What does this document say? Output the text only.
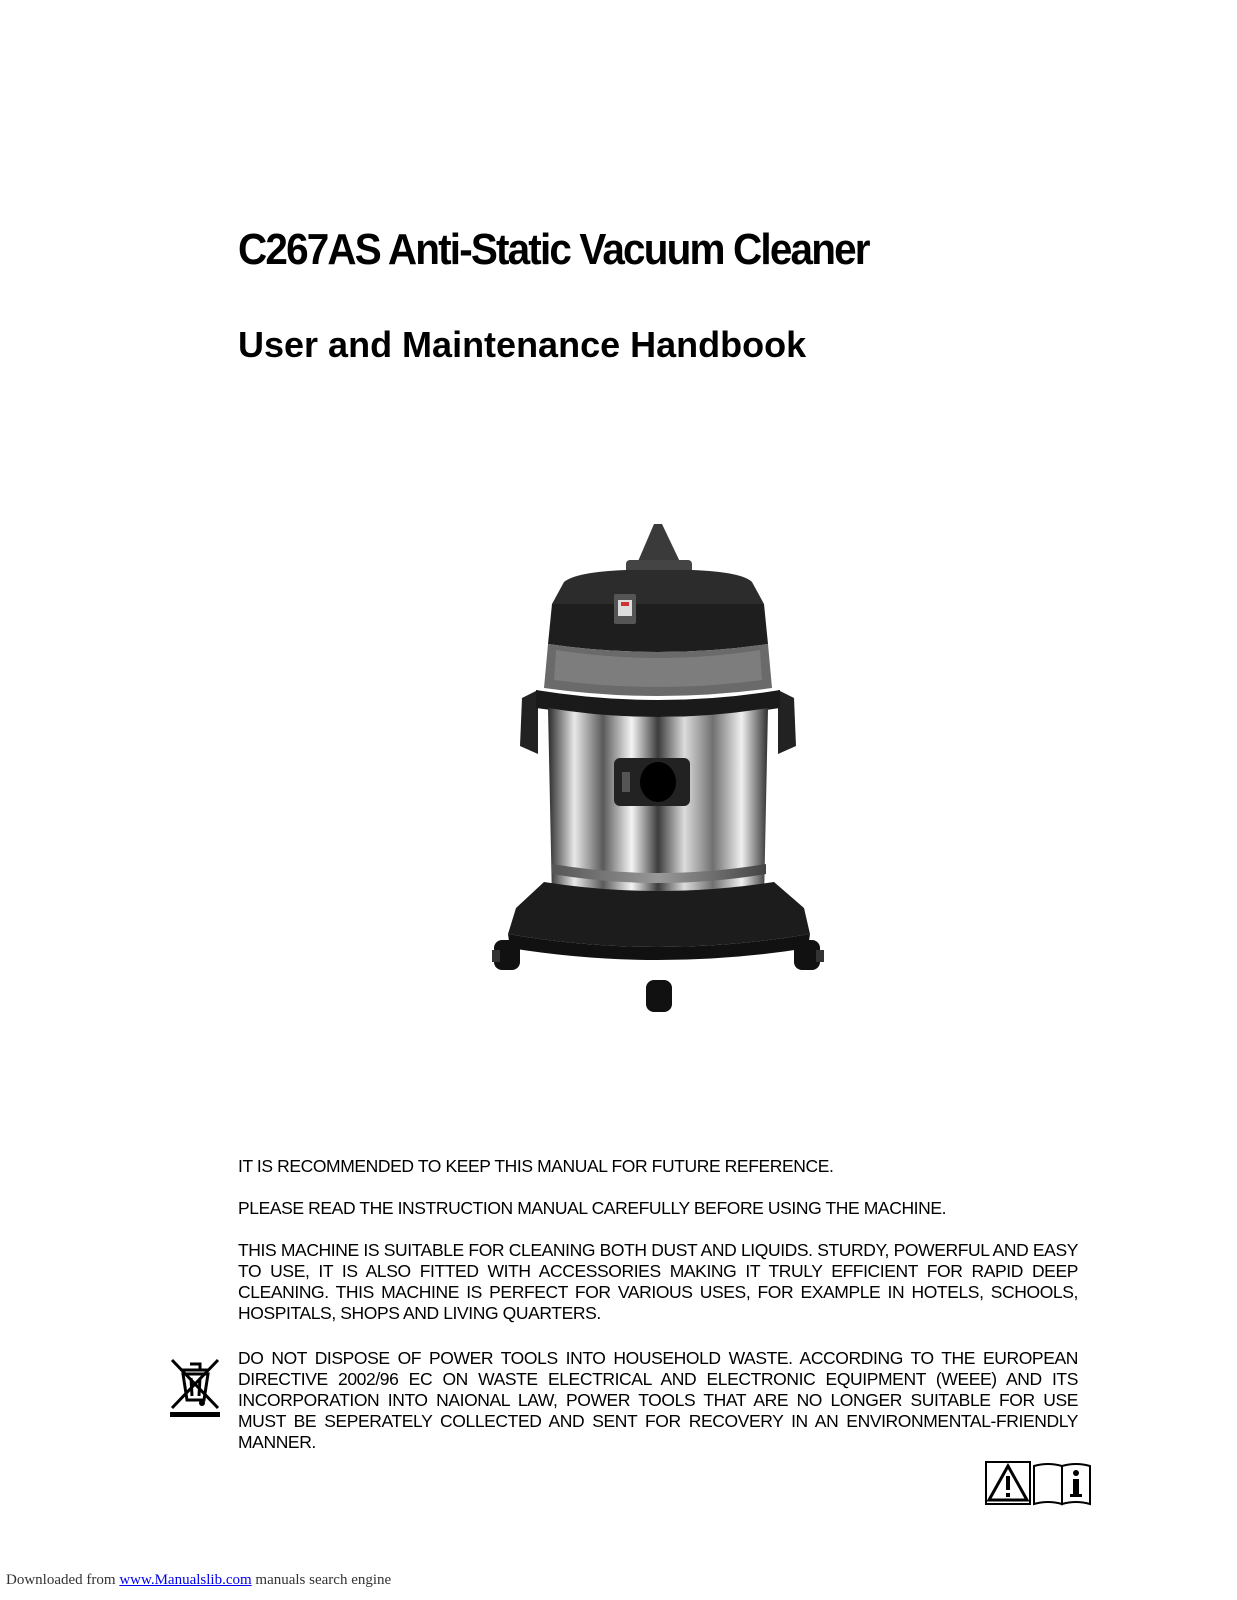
C267AS Anti-Static Vacuum Cleaner
User and Maintenance Handbook
IT IS RECOMMENDED TO KEEP THIS MANUAL FOR FUTURE REFERENCE.
PLEASE READ THE INSTRUCTION MANUAL CAREFULLY BEFORE USING THE MACHINE.
THIS MACHINE IS SUITABLE FOR CLEANING BOTH DUST AND LIQUIDS. STURDY, POWERFUL AND EASY TO USE, IT IS ALSO FITTED WITH ACCESSORIES MAKING IT TRULY EFFICIENT FOR RAPID DEEP CLEANING. THIS MACHINE IS PERFECT FOR VARIOUS USES, FOR EXAMPLE IN HOTELS, SCHOOLS, HOSPITALS, SHOPS AND LIVING QUARTERS.
DO NOT DISPOSE OF POWER TOOLS INTO HOUSEHOLD WASTE. ACCORDING TO THE EUROPEAN DIRECTIVE 2002/96 EC ON WASTE ELECTRICAL AND ELECTRONIC EQUIPMENT (WEEE) AND ITS INCORPORATION INTO NAIONAL LAW, POWER TOOLS THAT ARE NO LONGER SUITABLE FOR USE MUST BE SEPERATELY COLLECTED AND SENT FOR RECOVERY IN AN ENVIRONMENTAL-FRIENDLY MANNER.
Downloaded from www.Manualslib.com manuals search engine
